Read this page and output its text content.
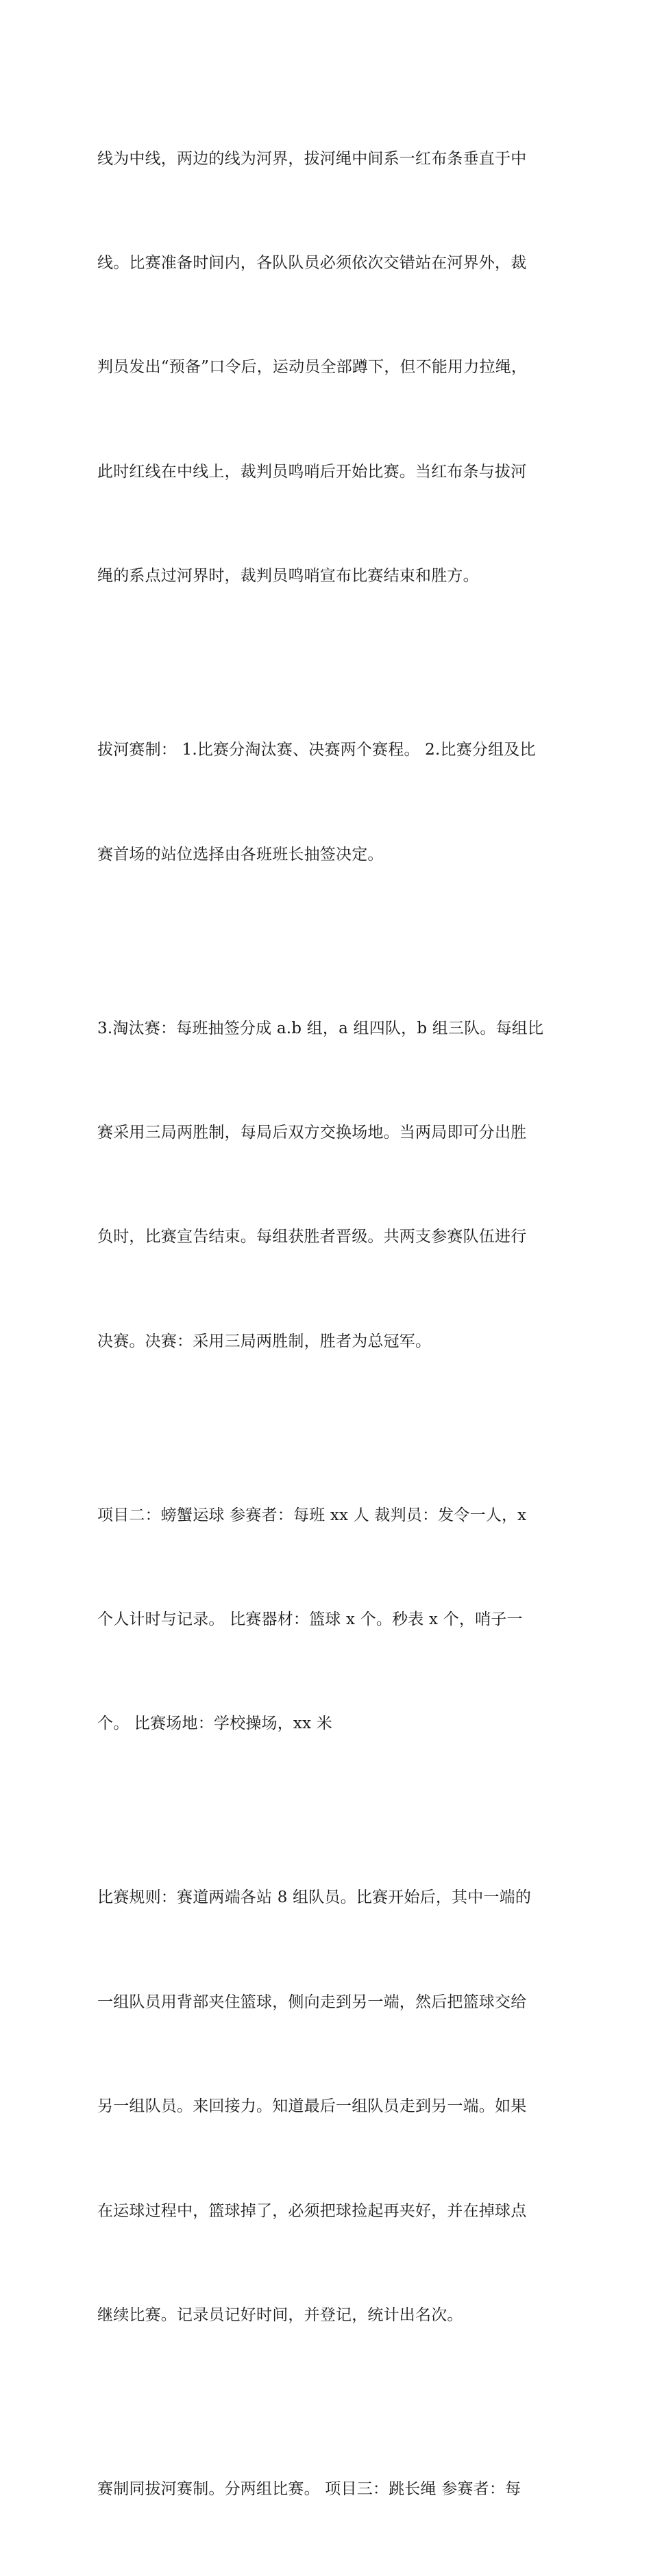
线为中线，两边的线为河界，拔河绳中间系一红布条垂直于中

线。比赛准备时间内，各队队员必须依次交错站在河界外，裁

判员发出“预备”口令后，运动员全部蹲下，但不能用力拉绳，

此时红线在中线上，裁判员鸣哨后开始比赛。当红布条与拔河

绳的系点过河界时，裁判员鸣哨宣布比赛结束和胜方。

拔河赛制： 1.比赛分淘汰赛、决赛两个赛程。 2.比赛分组及比

赛首场的站位选择由各班班长抽签决定。

3.淘汰赛：每班抽签分成 a.b 组，a 组四队，b 组三队。每组比

赛采用三局两胜制，每局后双方交换场地。当两局即可分出胜

负时，比赛宣告结束。每组获胜者晋级。共两支参赛队伍进行

决赛。决赛：采用三局两胜制，胜者为总冠军。

项目二：螃蟹运球 参赛者：每班 xx 人 裁判员：发令一人，x

个人计时与记录。 比赛器材：篮球 x 个。秒表 x 个，哨子一

个。 比赛场地：学校操场，xx 米

比赛规则：赛道两端各站 8 组队员。比赛开始后，其中一端的

一组队员用背部夹住篮球，侧向走到另一端，然后把篮球交给

另一组队员。来回接力。知道最后一组队员走到另一端。如果

在运球过程中，篮球掉了，必须把球捡起再夹好，并在掉球点

继续比赛。记录员记好时间，并登记，统计出名次。

赛制同拔河赛制。分两组比赛。 项目三：跳长绳 参赛者：每
